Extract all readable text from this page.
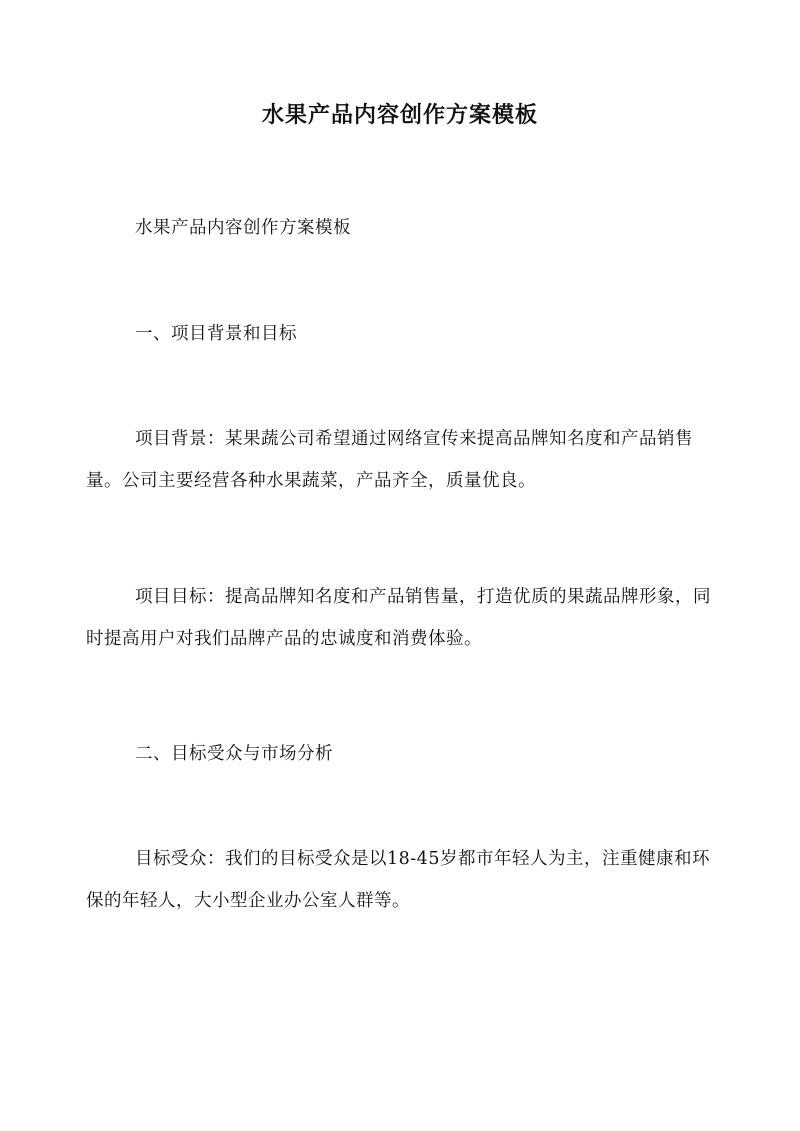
水果产品内容创作方案模板

水果产品内容创作方案模板

一、项目背景和目标

项目背景：某果蔬公司希望通过网络宣传来提高品牌知名度和产品销售量。公司主要经营各种水果蔬菜，产品齐全，质量优良。

项目目标：提高品牌知名度和产品销售量，打造优质的果蔬品牌形象，同时提高用户对我们品牌产品的忠诚度和消费体验。

二、目标受众与市场分析

目标受众：我们的目标受众是以18-45岁都市年轻人为主，注重健康和环保的年轻人，大小型企业办公室人群等。
